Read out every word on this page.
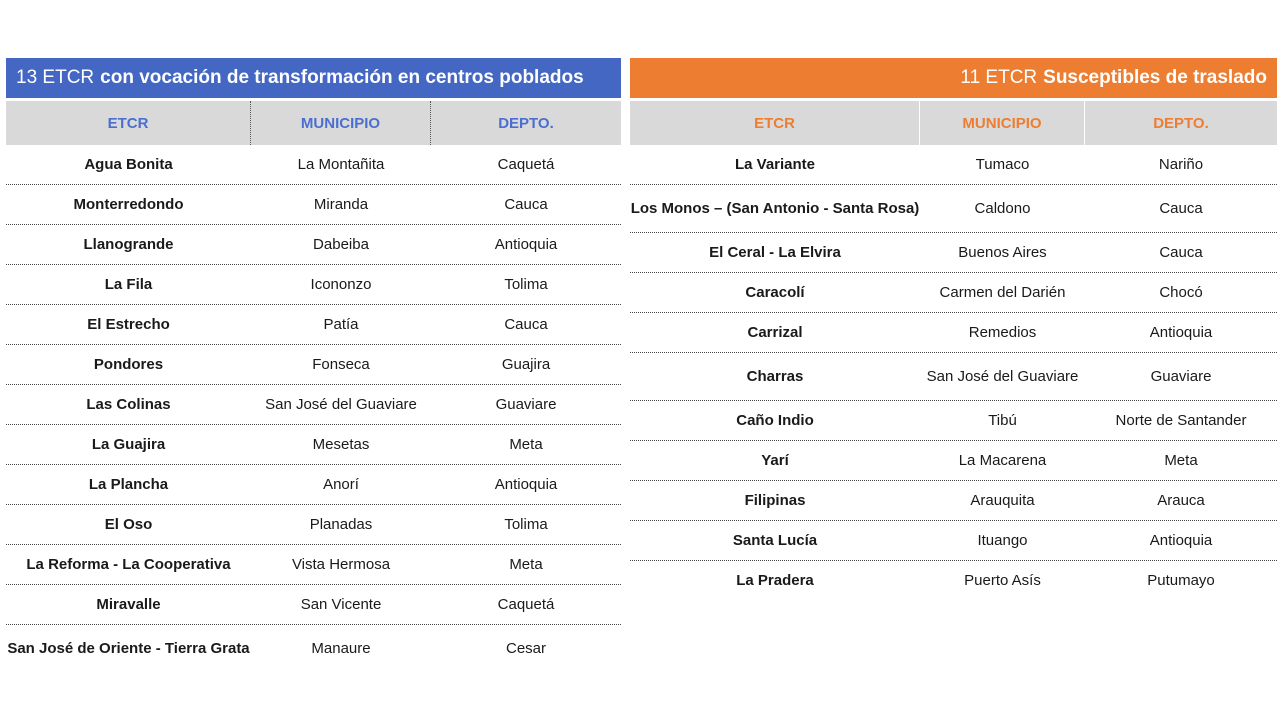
13 ETCR con vocación de transformación en centros poblados
ETCR	MUNICIPIO	DEPTO.
Agua Bonita	La Montañita	Caquetá
Monterredondo	Miranda	Cauca
Llanogrande	Dabeiba	Antioquia
La Fila	Icononzo	Tolima
El Estrecho	Patía	Cauca
Pondores	Fonseca	Guajira
Las Colinas	San José del Guaviare	Guaviare
La Guajira	Mesetas	Meta
La Plancha	Anorí	Antioquia
El Oso	Planadas	Tolima
La Reforma - La Cooperativa	Vista Hermosa	Meta
Miravalle	San Vicente	Caquetá
San José de Oriente - Tierra Grata	Manaure	Cesar
11 ETCR Susceptibles de traslado
ETCR	MUNICIPIO	DEPTO.
La Variante	Tumaco	Nariño
Los Monos – (San Antonio - Santa Rosa)	Caldono	Cauca
El Ceral - La Elvira	Buenos Aires	Cauca
Caracolí	Carmen del Darién	Chocó
Carrizal	Remedios	Antioquia
Charras	San José del Guaviare	Guaviare
Caño Indio	Tibú	Norte de Santander
Yarí	La Macarena	Meta
Filipinas	Arauquita	Arauca
Santa Lucía	Ituango	Antioquia
La Pradera	Puerto Asís	Putumayo
